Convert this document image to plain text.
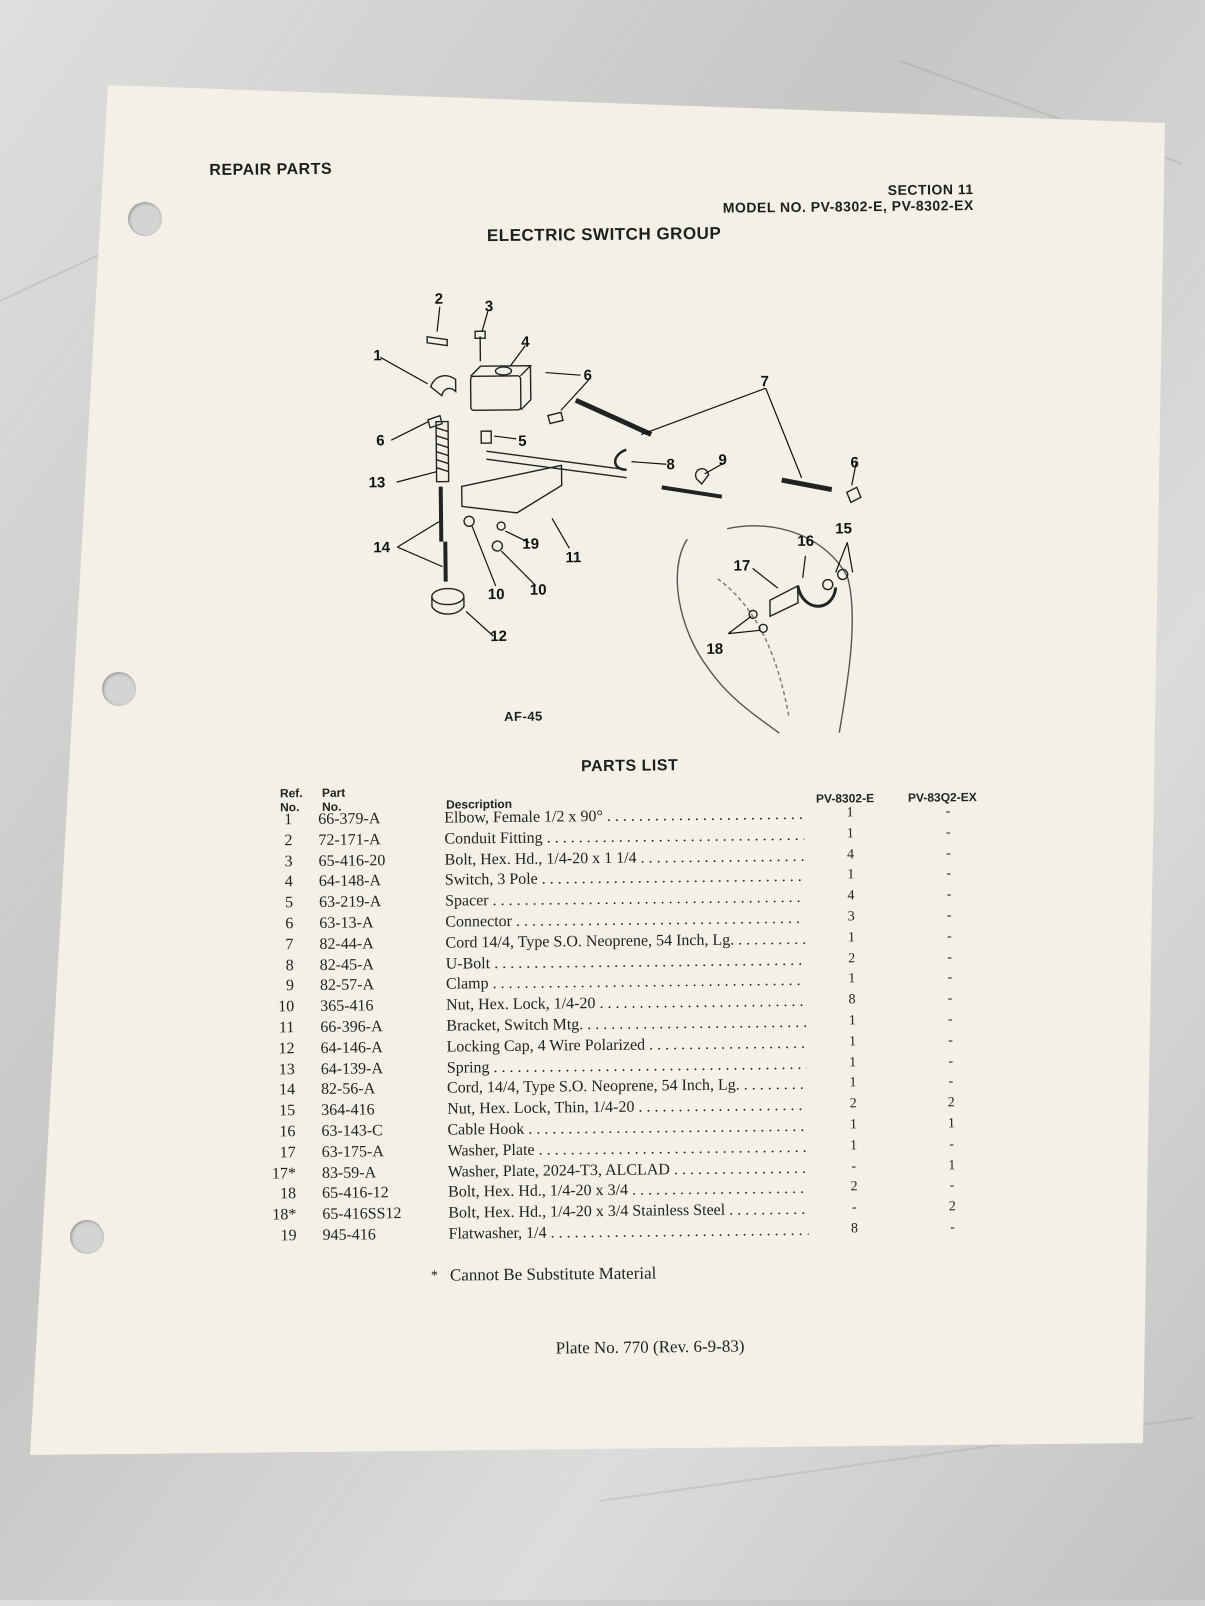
REPAIR PARTS
SECTION 11
MODEL NO. PV-8302-E, PV-8302-EX
ELECTRIC SWITCH GROUP
1
2	3
4
5
6
6
6
7
8	9
10 10
11
12
13
14
15
16
17
18
19
AF-45
PARTS LIST
Ref. No.
Part No.	Description	PV-8302-E	PV-83Q2-EX
1 66-379-A	Elbow, Female 1/2 x 90° . . .	1	-
2 72-171-A	Conduit Fitting . . .	1	-
3 65-416-20	Bolt, Hex. Hd., 1/4-20 x 1 1/4 . . .	4	-
4 64-148-A	Switch, 3 Pole . . .	1	-
5 63-219-A	Spacer . . .	4	-
6 63-13-A	Connector . . .	3	-
7 82-44-A	Cord 14/4, Type S.O. Neoprene, 54 Inch, Lg. . . .	1	-
8 82-45-A	U-Bolt . . .	2	-
9 82-57-A	Clamp . . .	1	-
10 365-416	Nut, Hex. Lock, 1/4-20 . . .	8	-
11 66-396-A	Bracket, Switch Mtg. . . .	1	-
12 64-146-A	Locking Cap, 4 Wire Polarized . . .	1	-
13 64-139-A	Spring . . .	1	-
14 82-56-A	Cord, 14/4, Type S.O. Neoprene, 54 Inch, Lg. . . .	1	-
15 364-416	Nut, Hex. Lock, Thin, 1/4-20 . . .	2	2
16 63-143-C	Cable Hook . . .	1	1
17 63-175-A	Washer, Plate . . .	1	-
17* 83-59-A	Washer, Plate, 2024-T3, ALCLAD . . .	-	1
18 65-416-12	Bolt, Hex. Hd., 1/4-20 x 3/4 . . .	2	-
18* 65-416SS12	Bolt, Hex. Hd., 1/4-20 x 3/4 Stainless Steel . . .	-	2
19 945-416	Flatwasher, 1/4 . . .	8	-
* Cannot Be Substitute Material
Plate No. 770 (Rev. 6-9-83)
